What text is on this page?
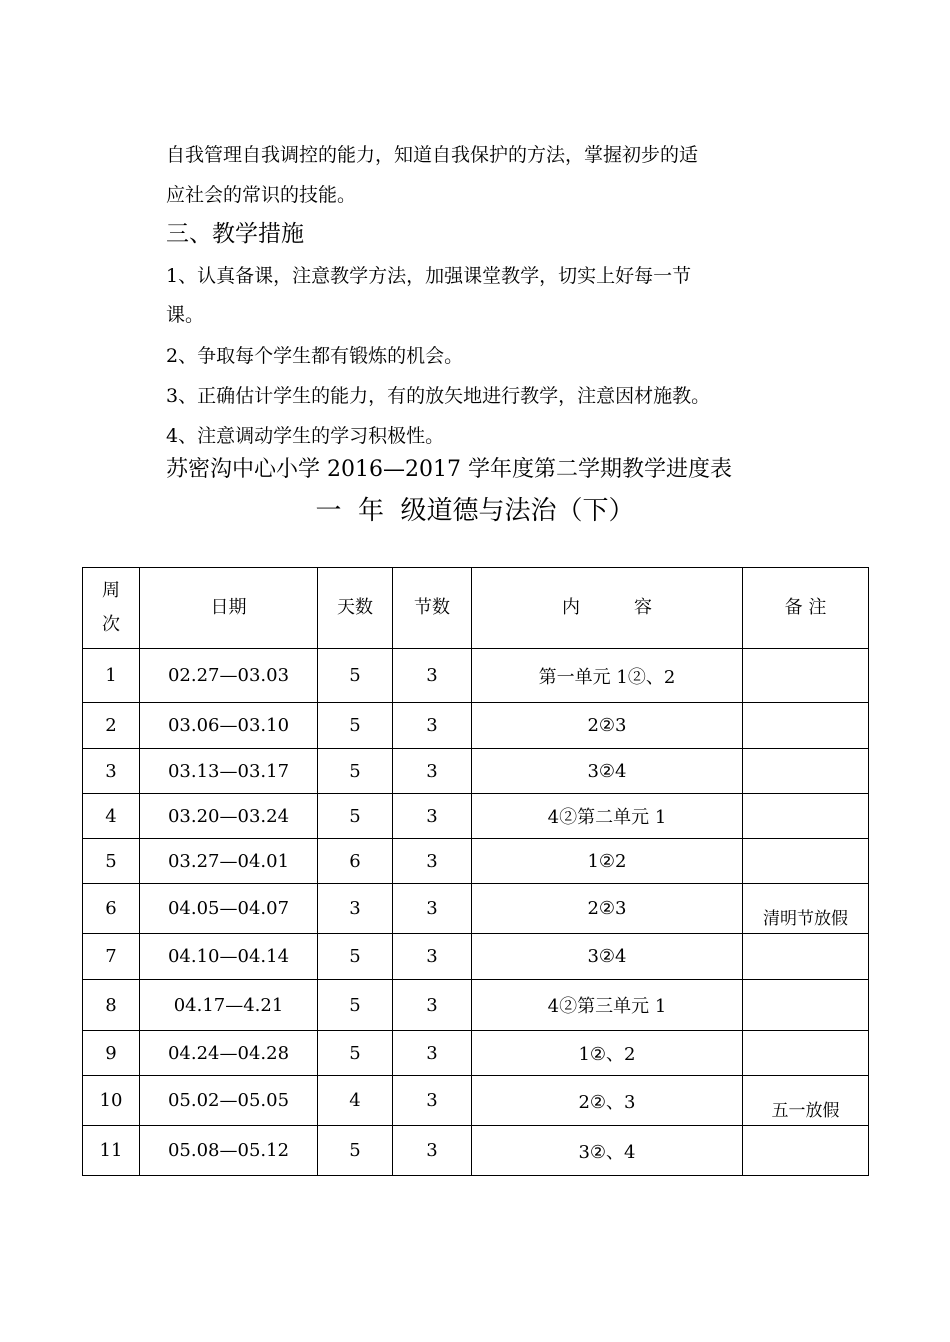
自我管理自我调控的能力，知道自我保护的方法，掌握初步的适
应社会的常识的技能。
三、教学措施
1、认真备课，注意教学方法，加强课堂教学，切实上好每一节
课。
2、争取每个学生都有锻炼的机会。
3、正确估计学生的能力，有的放矢地进行教学，注意因材施教。
4、注意调动学生的学习积极性。
苏密沟中心小学 2016—2017 学年度第二学期教学进度表
一  年  级道德与法治（下）
周次	日期	天数	节数	内　　　容	备 注
1	02.27—03.03	5	3	第一单元 1②、2	
2	03.06—03.10	5	3	2②3	
3	03.13—03.17	5	3	3②4	
4	03.20—03.24	5	3	4②第二单元 1	
5	03.27—04.01	6	3	1②2	
6	04.05—04.07	3	3	2②3	清明节放假
7	04.10—04.14	5	3	3②4	
8	04.17—4.21	5	3	4②第三单元 1	
9	04.24—04.28	5	3	1②、2	
10	05.02—05.05	4	3	2②、3	五一放假
11	05.08—05.12	5	3	3②、4	
